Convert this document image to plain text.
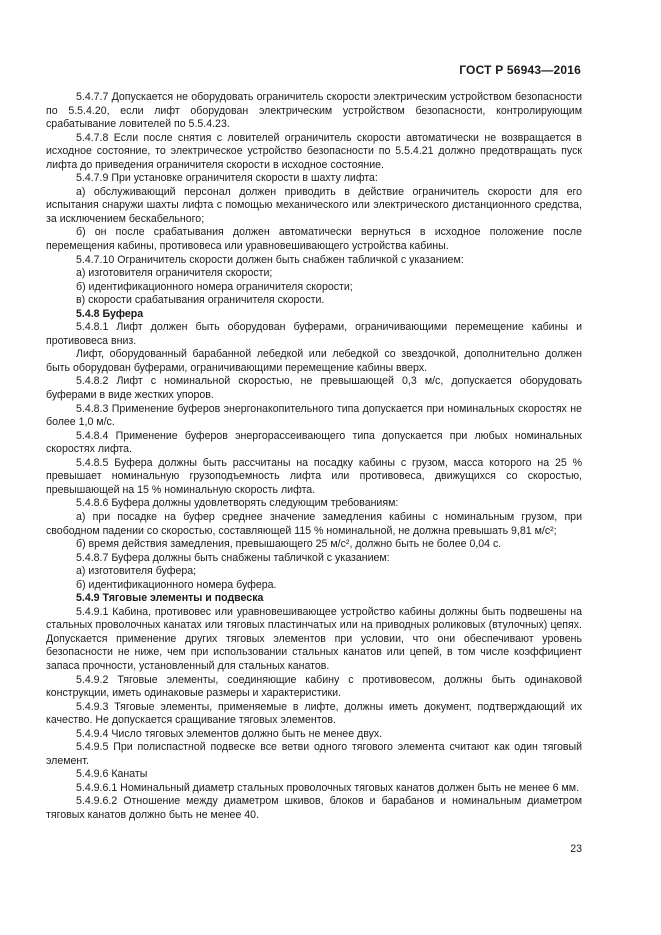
ГОСТ Р 56943—2016

5.4.7.7 Допускается не оборудовать ограничитель скорости электрическим устройством безопасности по 5.5.4.20, если лифт оборудован электрическим устройством безопасности, контролирующим срабатывание ловителей по 5.5.4.23.

5.4.7.8 Если после снятия с ловителей ограничитель скорости автоматически не возвращается в исходное состояние, то электрическое устройство безопасности по 5.5.4.21 должно предотвращать пуск лифта до приведения ограничителя скорости в исходное состояние.

5.4.7.9 При установке ограничителя скорости в шахту лифта:

а) обслуживающий персонал должен приводить в действие ограничитель скорости для его испытания снаружи шахты лифта с помощью механического или электрического дистанционного средства, за исключением бескабельного;

б) он после срабатывания должен автоматически вернуться в исходное положение после перемещения кабины, противовеса или уравновешивающего устройства кабины.

5.4.7.10 Ограничитель скорости должен быть снабжен табличкой с указанием:

а) изготовителя ограничителя скорости;

б) идентификационного номера ограничителя скорости;

в) скорости срабатывания ограничителя скорости.

5.4.8 Буфера

5.4.8.1 Лифт должен быть оборудован буферами, ограничивающими перемещение кабины и противовеса вниз.

Лифт, оборудованный барабанной лебедкой или лебедкой со звездочкой, дополнительно должен быть оборудован буферами, ограничивающими перемещение кабины вверх.

5.4.8.2 Лифт с номинальной скоростью, не превышающей 0,3 м/с, допускается оборудовать буферами в виде жестких упоров.

5.4.8.3 Применение буферов энергонакопительного типа допускается при номинальных скоростях не более 1,0 м/с.

5.4.8.4 Применение буферов энергорассеивающего типа допускается при любых номинальных скоростях лифта.

5.4.8.5 Буфера должны быть рассчитаны на посадку кабины с грузом, масса которого на 25 % превышает номинальную грузоподъемность лифта или противовеса, движущихся со скоростью, превышающей на 15 % номинальную скорость лифта.

5.4.8.6 Буфера должны удовлетворять следующим требованиям:

а) при посадке на буфер среднее значение замедления кабины с номинальным грузом, при свободном падении со скоростью, составляющей 115 % номинальной, не должна превышать 9,81 м/с²;

б) время действия замедления, превышающего 25 м/с², должно быть не более 0,04 с.

5.4.8.7 Буфера должны быть снабжены табличкой с указанием:

а) изготовителя буфера;

б) идентификационного номера буфера.

5.4.9 Тяговые элементы и подвеска

5.4.9.1 Кабина, противовес или уравновешивающее устройство кабины должны быть подвешены на стальных проволочных канатах или тяговых пластинчатых или на приводных роликовых (втулочных) цепях. Допускается применение других тяговых элементов при условии, что они обеспечивают уровень безопасности не ниже, чем при использовании стальных канатов или цепей, в том числе коэффициент запаса прочности, установленный для стальных канатов.

5.4.9.2 Тяговые элементы, соединяющие кабину с противовесом, должны быть одинаковой конструкции, иметь одинаковые размеры и характеристики.

5.4.9.3 Тяговые элементы, применяемые в лифте, должны иметь документ, подтверждающий их качество. Не допускается сращивание тяговых элементов.

5.4.9.4 Число тяговых элементов должно быть не менее двух.

5.4.9.5 При полиспастной подвеске все ветви одного тягового элемента считают как один тяговый элемент.

5.4.9.6 Канаты

5.4.9.6.1 Номинальный диаметр стальных проволочных тяговых канатов должен быть не менее 6 мм.

5.4.9.6.2 Отношение между диаметром шкивов, блоков и барабанов и номинальным диаметром тяговых канатов должно быть не менее 40.

23
